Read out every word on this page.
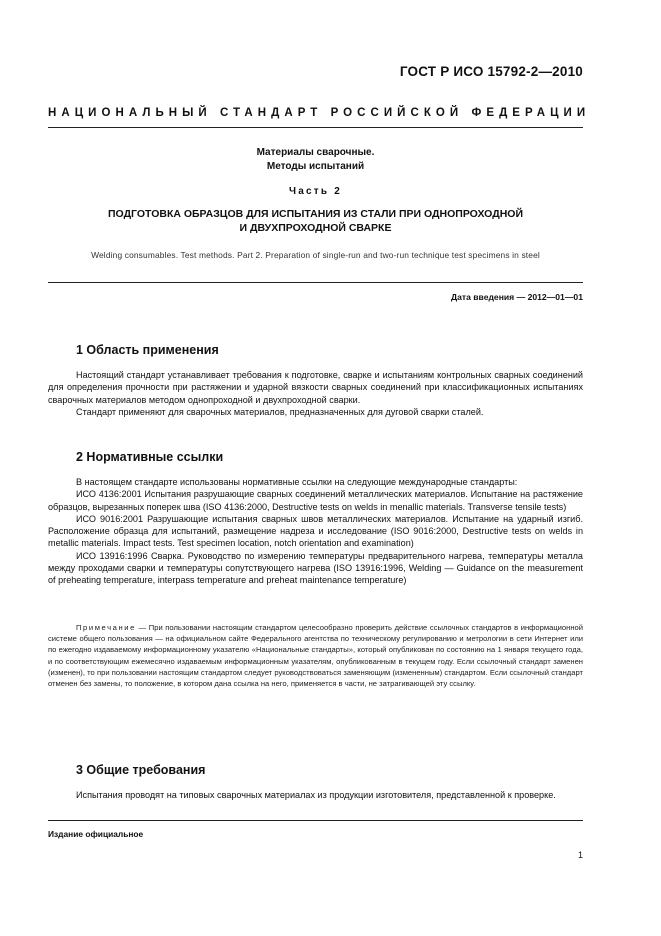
ГОСТ Р ИСО 15792-2—2010
НАЦИОНАЛЬНЫЙ СТАНДАРТ РОССИЙСКОЙ ФЕДЕРАЦИИ
Материалы сварочные.
Методы испытаний
Часть 2
ПОДГОТОВКА ОБРАЗЦОВ ДЛЯ ИСПЫТАНИЯ ИЗ СТАЛИ ПРИ ОДНОПРОХОДНОЙ
И ДВУХПРОХОДНОЙ СВАРКЕ
Welding consumables. Test methods. Part 2. Preparation of single-run and two-run technique test specimens in steel
Дата введения — 2012—01—01
1 Область применения

Настоящий стандарт устанавливает требования к подготовке, сварке и испытаниям контрольных сварных соединений для определения прочности при растяжении и ударной вязкости сварных соединений при классификационных испытаниях сварочных материалов методом однопроходной и двухпроходной сварки.

Стандарт применяют для сварочных материалов, предназначенных для дуговой сварки сталей.

2 Нормативные ссылки

В настоящем стандарте использованы нормативные ссылки на следующие международные стандарты:

ИСО 4136:2001 Испытания разрушающие сварных соединений металлических материалов. Испытание на растяжение образцов, вырезанных поперек шва (ISO 4136:2000, Destructive tests on welds in menallic materials. Transverse tensile tests)

ИСО 9016:2001 Разрушающие испытания сварных швов металлических материалов. Испытание на ударный изгиб. Расположение образца для испытаний, размещение надреза и исследование (ISO 9016:2000, Destructive tests on welds in metallic materials. Impact tests. Test specimen location, notch orientation and examination)

ИСО 13916:1996 Сварка. Руководство по измерению температуры предварительного нагрева, температуры металла между проходами сварки и температуры сопутствующего нагрева (ISO 13916:1996, Welding — Guidance on the measurement of preheating temperature, interpass temperature and preheat maintenance temperature)

Примечание — При пользовании настоящим стандартом целесообразно проверить действие ссылочных стандартов в информационной системе общего пользования — на официальном сайте Федерального агентства по техническому регулированию и метрологии в сети Интернет или по ежегодно издаваемому информационному указателю «Национальные стандарты», который опубликован по состоянию на 1 января текущего года, и по соответствующим ежемесячно издаваемым информационным указателям, опубликованным в текущем году. Если ссылочный стандарт заменен (изменен), то при пользовании настоящим стандартом следует руководствоваться заменяющим (измененным) стандартом. Если ссылочный стандарт отменен без замены, то положение, в котором дана ссылка на него, применяется в части, не затрагивающей эту ссылку.

3 Общие требования

Испытания проводят на типовых сварочных материалах из продукции изготовителя, представленной к проверке.

Издание официальное
1
